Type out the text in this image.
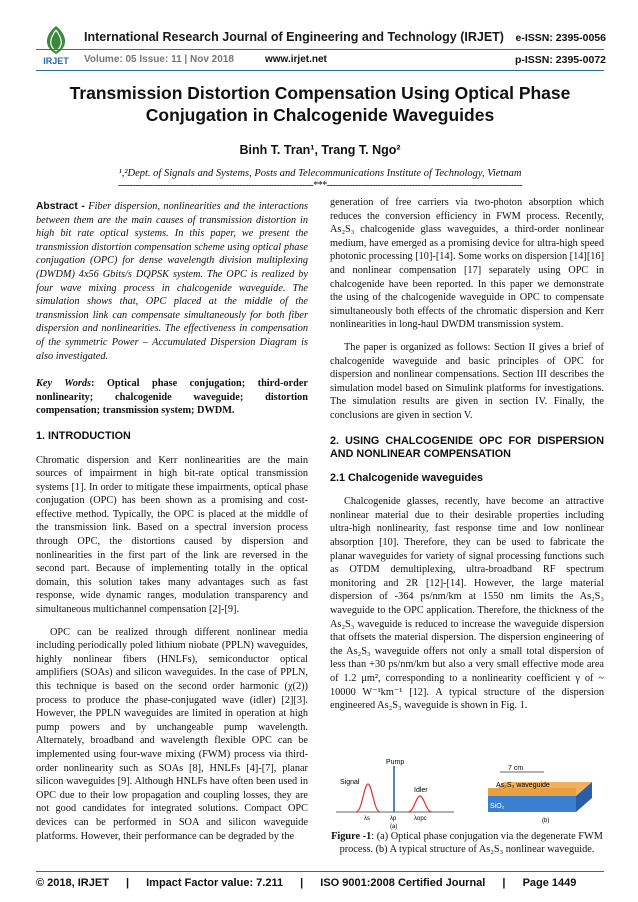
IRJET
International Research Journal of Engineering and Technology (IRJET)
Volume: 05 Issue: 11 | Nov 2018	www.irjet.net
e-ISSN: 2395-0056
p-ISSN: 2395-0072
Transmission Distortion Compensation Using Optical Phase
Conjugation in Chalcogenide Waveguides
Binh T. Tran¹, Trang T. Ngo²
¹,²Dept. of Signals and Systems, Posts and Telecommunications Institute of Technology, Vietnam
---------------------------------------------------------------------***---------------------------------------------------------------------

Abstract - Fiber dispersion, nonlinearities and the interactions between them are the main causes of transmission distortion in high bit rate optical systems. In this paper, we present the transmission distortion compensation scheme using optical phase conjugation (OPC) for dense wavelength division multiplexing (DWDM) 4x56 Gbits/s DQPSK system. The OPC is realized by four wave mixing process in chalcogenide waveguide. The simulation shows that, OPC placed at the middle of the transmission link can compensate simultaneously for both fiber dispersion and nonlinearities. The effectiveness in compensation of the symmetric Power – Accumulated Dispersion Diagram is also investigated.

Key Words: Optical phase conjugation; third-order nonlinearity; chalcogenide waveguide; distortion compensation; transmission system; DWDM.

1. INTRODUCTION

Chromatic dispersion and Kerr nonlinearities are the main sources of impairment in high bit-rate optical transmission systems [1]. In order to mitigate these impairments, optical phase conjugation (OPC) has been shown as a promising and cost-effective method. Typically, the OPC is placed at the middle of the transmission link. Based on a spectral inversion process through OPC, the distortions caused by dispersion and nonlinearities in the first part of the link are reversed in the second part. Because of implementing totally in the optical domain, this solution takes many advantages such as fast response, wide dynamic ranges, modulation transparency and simultaneous multichannel compensation [2]-[9].

OPC can be realized through different nonlinear media including periodically poled lithium niobate (PPLN) waveguides, highly nonlinear fibers (HNLFs), semiconductor optical amplifiers (SOAs) and silicon waveguides. In the case of PPLN, this technique is based on the second order harmonic (χ(2)) process to produce the phase-conjugated wave (idler) [2][3]. However, the PPLN waveguides are limited in operation at high pump powers and by unchangeable pump wavelength. Alternately, broadband and wavelength flexible OPC can be implemented using four-wave mixing (FWM) process via third-order nonlinearity such as SOAs [8], HNLFs [4]-[7], planar silicon waveguides [9]. Although HNLFs have often been used in OPC due to their low propagation and coupling losses, they are not good candidates for integrated solutions. Compact OPC devices can be performed in SOA and silicon waveguide platforms. However, their performance can be degraded by the

generation of free carriers via two-photon absorption which reduces the conversion efficiency in FWM process. Recently, As₂S₃ chalcogenide glass waveguides, a third-order nonlinear medium, have emerged as a promising device for ultra-high speed photonic processing [10]-[14]. Some works on dispersion [14][16] and nonlinear compensation [17] separately using OPC in chalcogenide have been reported. In this paper we demonstrate the using of the chalcogenide waveguide in OPC to compensate simultaneously both effects of the chromatic dispersion and Kerr nonlinearities in long-haul DWDM transmission system.

The paper is organized as follows: Section II gives a brief of chalcogenide waveguide and basic principles of OPC for dispersion and nonlinear compensations. Section III describes the simulation model based on Simulink platforms for investigations. The simulation results are given in section IV. Finally, the conclusions are given in section V.

2. USING CHALCOGENIDE OPC FOR DISPERSION AND NONLINEAR COMPENSATION
2.1 Chalcogenide waveguides

Chalcogenide glasses, recently, have become an attractive nonlinear material due to their desirable properties including ultra-high nonlinearity, fast response time and low nonlinear absorption [10]. Therefore, they can be used to fabricate the planar waveguides for variety of signal processing functions such as OTDM demultiplexing, ultra-broadband RF spectrum monitoring and 2R [12]-[14]. However, the large material dispersion of -364 ps/nm/km at 1550 nm limits the As₂S₃ waveguide to the OPC application. Therefore, the thickness of the As₂S₃ waveguide is reduced to increase the waveguide dispersion that offsets the material dispersion. The dispersion engineering of the As₂S₃ waveguide offers not only a small total dispersion of less than +30 ps/nm/km but also a very small effective mode area of 1.2 μm², corresponding to a nonlinearity coefficient γ of ~ 10000 W⁻¹km⁻¹ [12]. A typical structure of the dispersion engineered As₂S₃ waveguide is shown in Fig. 1.

Pump
Signal
Idler
λs	λp	λopc
(a)
7 cm
As₂S₃ waveguide
SiO₂
(b)
Figure -1: (a) Optical phase conjugation via the degenerate FWM process. (b) A typical structure of As₂S₃ nonlinear waveguide.
© 2018, IRJET | Impact Factor value: 7.211 | ISO 9001:2008 Certified Journal | Page 1449
